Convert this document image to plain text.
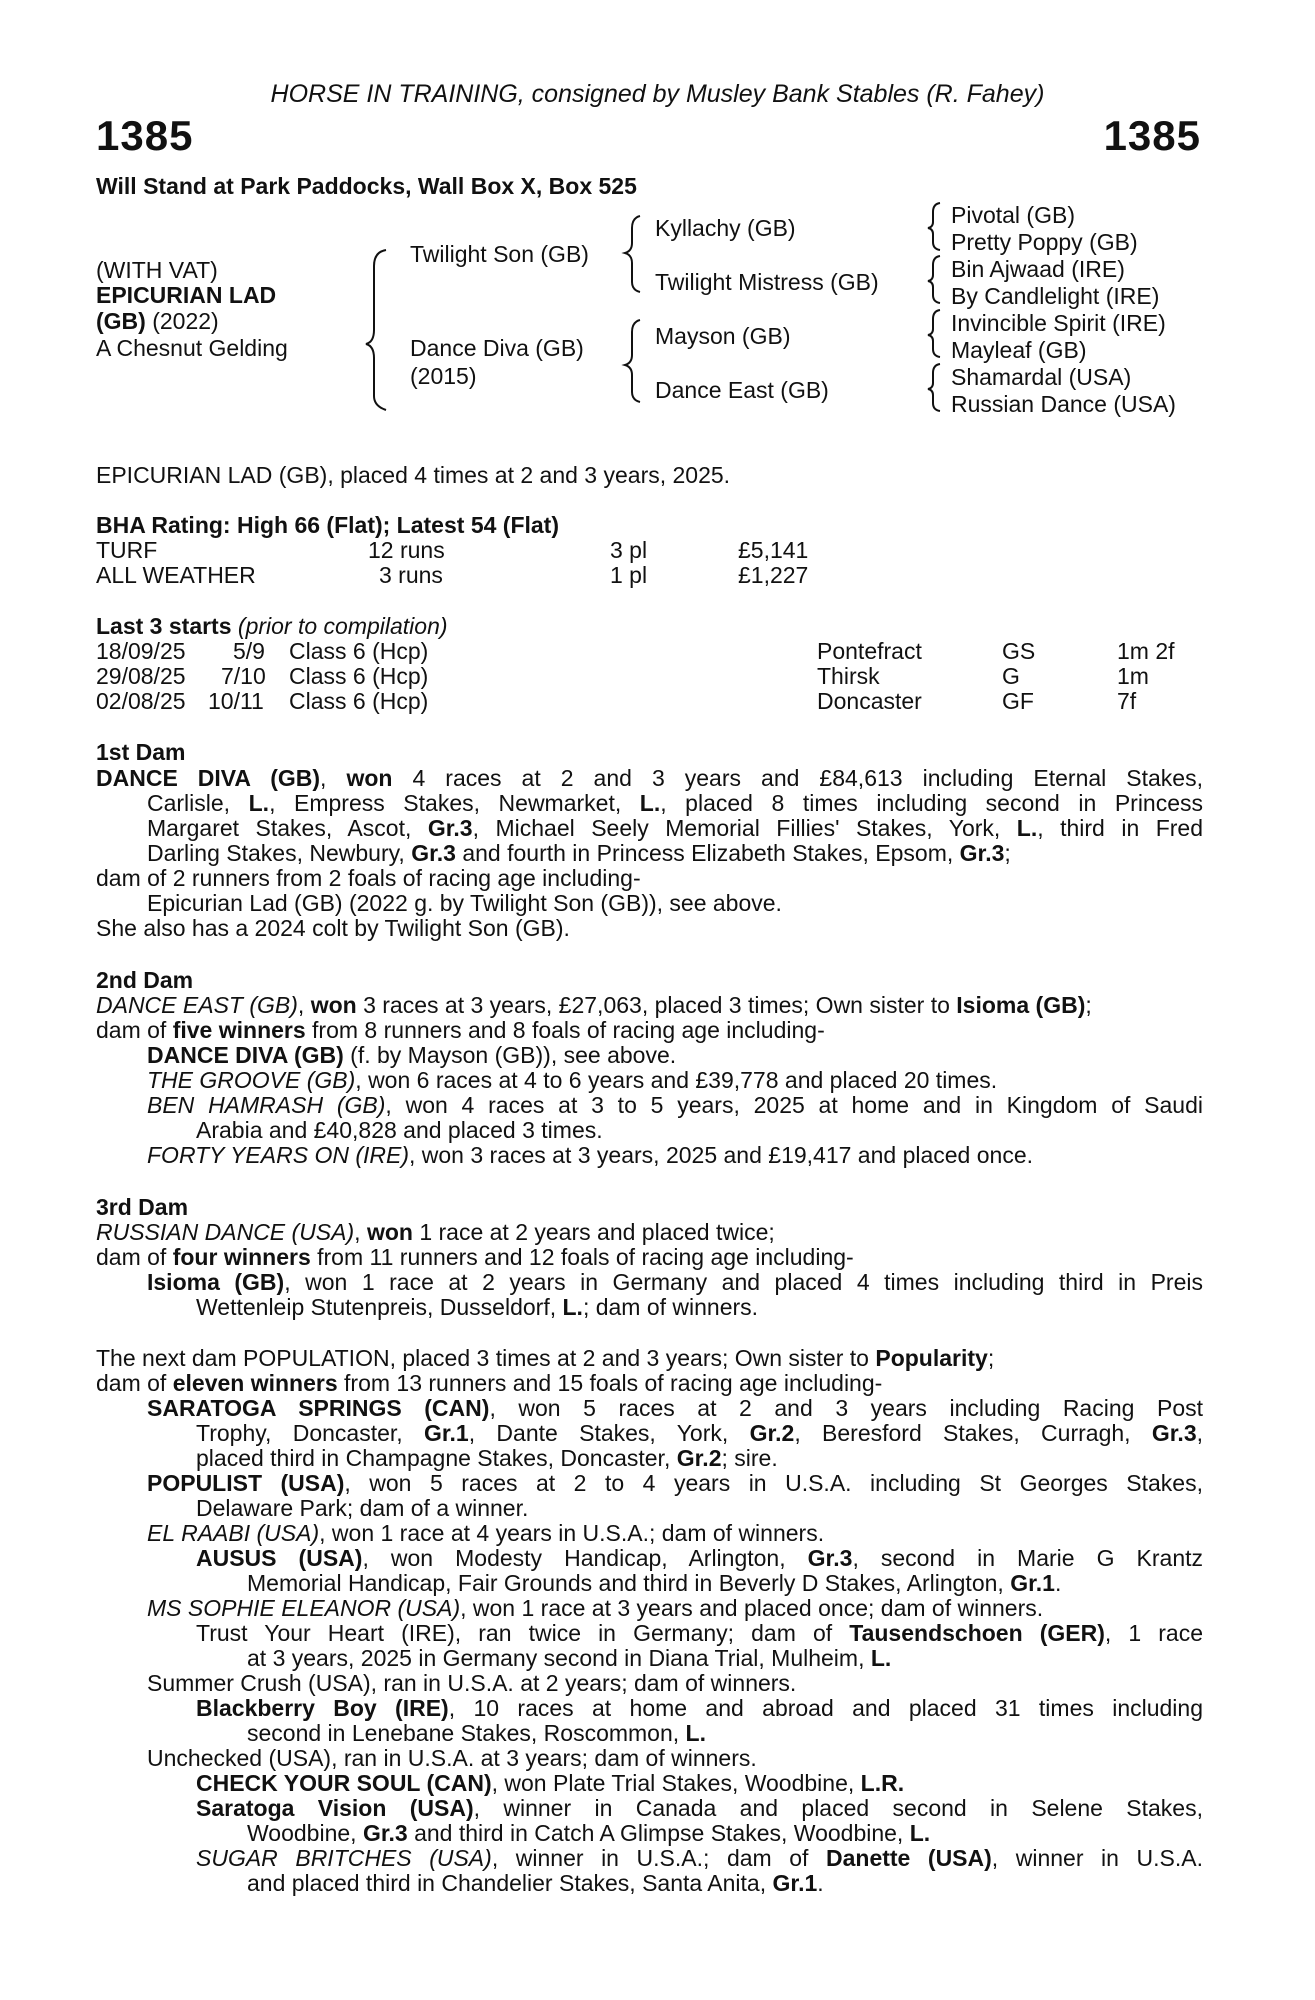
HORSE IN TRAINING, consigned by Musley Bank Stables (R. Fahey)
1385	1385
Will Stand at Park Paddocks, Wall Box X, Box 525
(WITH VAT)
EPICURIAN LAD
(GB) (2022)
A Chesnut Gelding
Twilight Son (GB)
Dance Diva (GB)
(2015)
Kyllachy (GB)
Twilight Mistress (GB)
Mayson (GB)
Dance East (GB)
Pivotal (GB)
Pretty Poppy (GB)
Bin Ajwaad (IRE)
By Candlelight (IRE)
Invincible Spirit (IRE)
Mayleaf (GB)
Shamardal (USA)
Russian Dance (USA)
EPICURIAN LAD (GB), placed 4 times at 2 and 3 years, 2025.
BHA Rating: High 66 (Flat); Latest 54 (Flat)
TURF	12 runs	3 pl	£5,141
ALL WEATHER	3 runs	1 pl	£1,227
Last 3 starts (prior to compilation)
18/09/25 5/9 Class 6 (Hcp)	Pontefract	GS	1m 2f
29/08/25 7/10 Class 6 (Hcp)	Thirsk	G	1m
02/08/25 10/11 Class 6 (Hcp)	Doncaster	GF	7f
1st Dam
DANCE DIVA (GB), won 4 races at 2 and 3 years and £84,613 including Eternal Stakes,
Carlisle, L., Empress Stakes, Newmarket, L., placed 8 times including second in Princess
Margaret Stakes, Ascot, Gr.3, Michael Seely Memorial Fillies' Stakes, York, L., third in Fred
Darling Stakes, Newbury, Gr.3 and fourth in Princess Elizabeth Stakes, Epsom, Gr.3;
dam of 2 runners from 2 foals of racing age including-
Epicurian Lad (GB) (2022 g. by Twilight Son (GB)), see above.
She also has a 2024 colt by Twilight Son (GB).
2nd Dam
DANCE EAST (GB), won 3 races at 3 years, £27,063, placed 3 times; Own sister to Isioma (GB);
dam of five winners from 8 runners and 8 foals of racing age including-
DANCE DIVA (GB) (f. by Mayson (GB)), see above.
THE GROOVE (GB), won 6 races at 4 to 6 years and £39,778 and placed 20 times.
BEN HAMRASH (GB), won 4 races at 3 to 5 years, 2025 at home and in Kingdom of Saudi
Arabia and £40,828 and placed 3 times.
FORTY YEARS ON (IRE), won 3 races at 3 years, 2025 and £19,417 and placed once.
3rd Dam
RUSSIAN DANCE (USA), won 1 race at 2 years and placed twice;
dam of four winners from 11 runners and 12 foals of racing age including-
Isioma (GB), won 1 race at 2 years in Germany and placed 4 times including third in Preis
Wettenleip Stutenpreis, Dusseldorf, L.; dam of winners.
The next dam POPULATION, placed 3 times at 2 and 3 years; Own sister to Popularity;
dam of eleven winners from 13 runners and 15 foals of racing age including-
SARATOGA SPRINGS (CAN), won 5 races at 2 and 3 years including Racing Post
Trophy, Doncaster, Gr.1, Dante Stakes, York, Gr.2, Beresford Stakes, Curragh, Gr.3,
placed third in Champagne Stakes, Doncaster, Gr.2; sire.
POPULIST (USA), won 5 races at 2 to 4 years in U.S.A. including St Georges Stakes,
Delaware Park; dam of a winner.
EL RAABI (USA), won 1 race at 4 years in U.S.A.; dam of winners.
AUSUS (USA), won Modesty Handicap, Arlington, Gr.3, second in Marie G Krantz
Memorial Handicap, Fair Grounds and third in Beverly D Stakes, Arlington, Gr.1.
MS SOPHIE ELEANOR (USA), won 1 race at 3 years and placed once; dam of winners.
Trust Your Heart (IRE), ran twice in Germany; dam of Tausendschoen (GER), 1 race
at 3 years, 2025 in Germany second in Diana Trial, Mulheim, L.
Summer Crush (USA), ran in U.S.A. at 2 years; dam of winners.
Blackberry Boy (IRE), 10 races at home and abroad and placed 31 times including
second in Lenebane Stakes, Roscommon, L.
Unchecked (USA), ran in U.S.A. at 3 years; dam of winners.
CHECK YOUR SOUL (CAN), won Plate Trial Stakes, Woodbine, L.R.
Saratoga Vision (USA), winner in Canada and placed second in Selene Stakes,
Woodbine, Gr.3 and third in Catch A Glimpse Stakes, Woodbine, L.
SUGAR BRITCHES (USA), winner in U.S.A.; dam of Danette (USA), winner in U.S.A.
and placed third in Chandelier Stakes, Santa Anita, Gr.1.
